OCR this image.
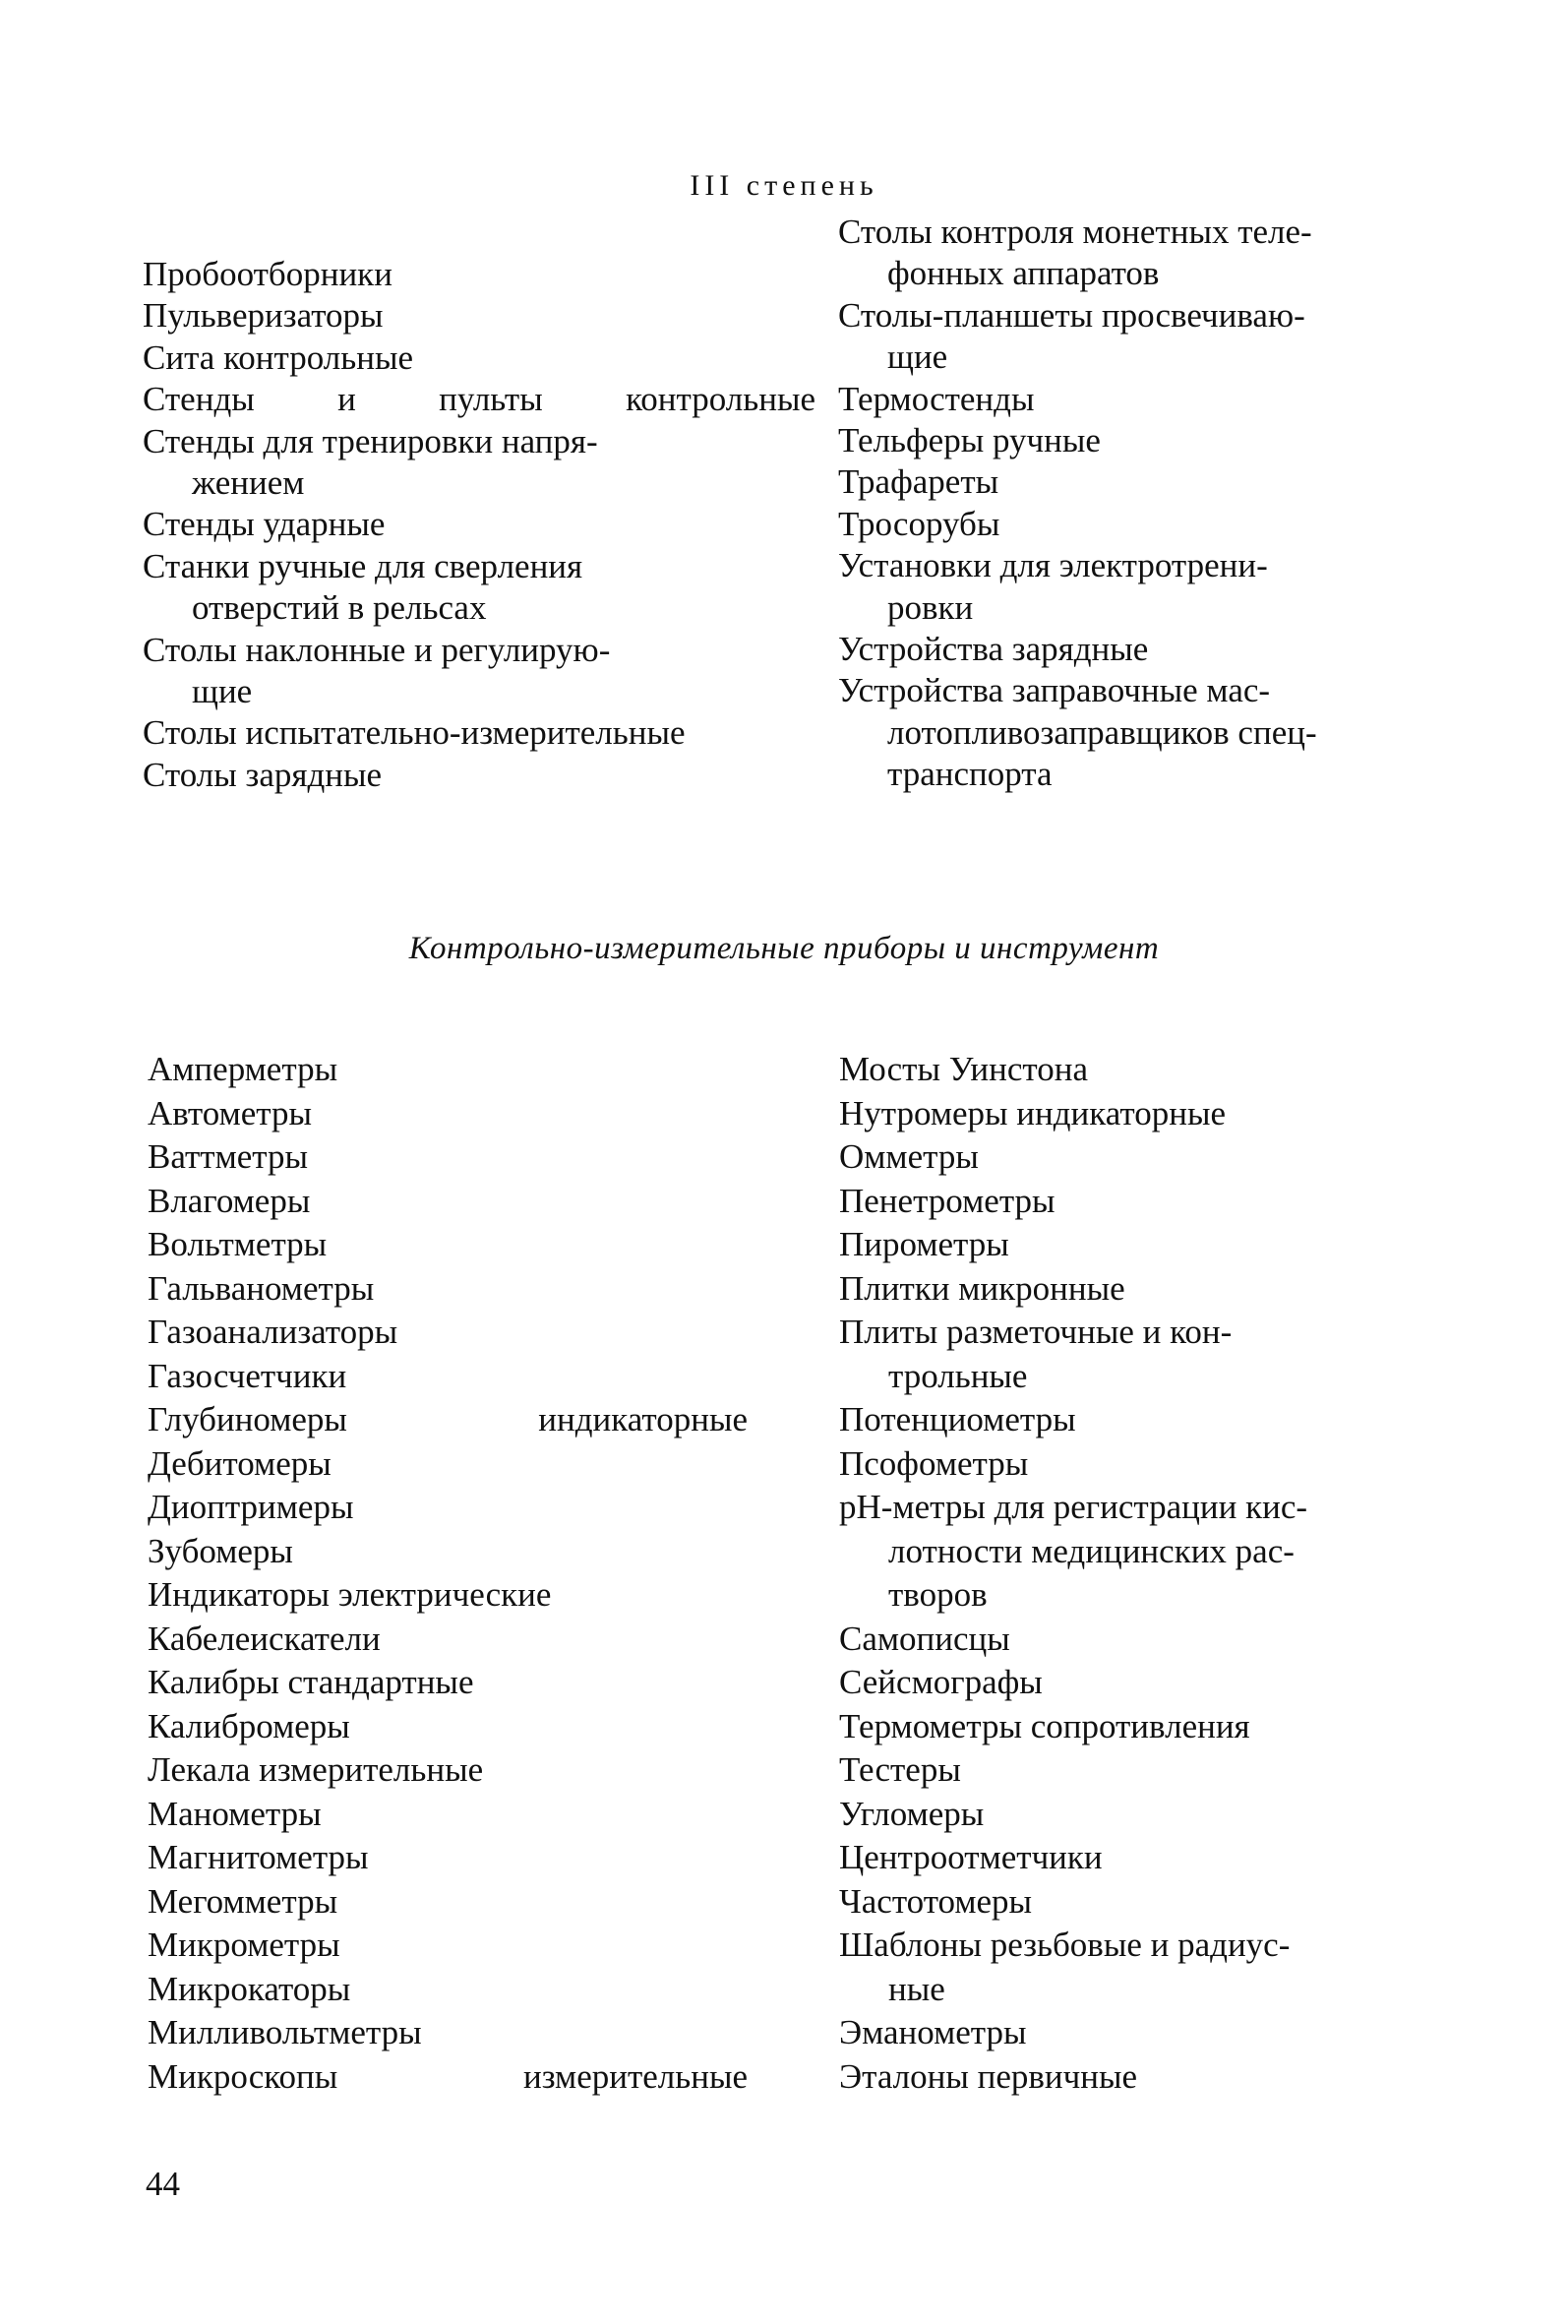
III степень
Пробоотборники
Пульверизаторы
Сита контрольные
Стенды и пульты контрольные
Стенды для тренировки напря-
жением
Стенды ударные
Станки ручные для сверления
отверстий в рельсах
Столы наклонные и регулирую-
щие
Столы испытательно-измерительные
Столы зарядные
Столы контроля монетных теле-
фонных аппаратов
Столы-планшеты просвечиваю-
щие
Термостенды
Тельферы ручные
Трафареты
Тросорубы
Установки для электротрени-
ровки
Устройства зарядные
Устройства заправочные мас-
лотопливозаправщиков спец-
транспорта
Контрольно-измерительные приборы и инструмент
Амперметры
Автометры
Ваттметры
Влагомеры
Вольтметры
Гальванометры
Газоанализаторы
Газосчетчики
Глубиномеры индикаторные
Дебитомеры
Диоптримеры
Зубомеры
Индикаторы электрические
Кабелеискатели
Калибры стандартные
Калибромеры
Лекала измерительные
Манометры
Магнитометры
Мегомметры
Микрометры
Микрокаторы
Милливольтметры
Микроскопы измерительные
Мосты Уинстона
Нутромеры индикаторные
Омметры
Пенетрометры
Пирометры
Плитки микронные
Плиты разметочные и кон-
трольные
Потенциометры
Псофометры
рН-метры для регистрации кис-
лотности медицинских рас-
творов
Самописцы
Сейсмографы
Термометры сопротивления
Тестеры
Угломеры
Центроотметчики
Частотомеры
Шаблоны резьбовые и радиус-
ные
Эманометры
Эталоны первичные
44
